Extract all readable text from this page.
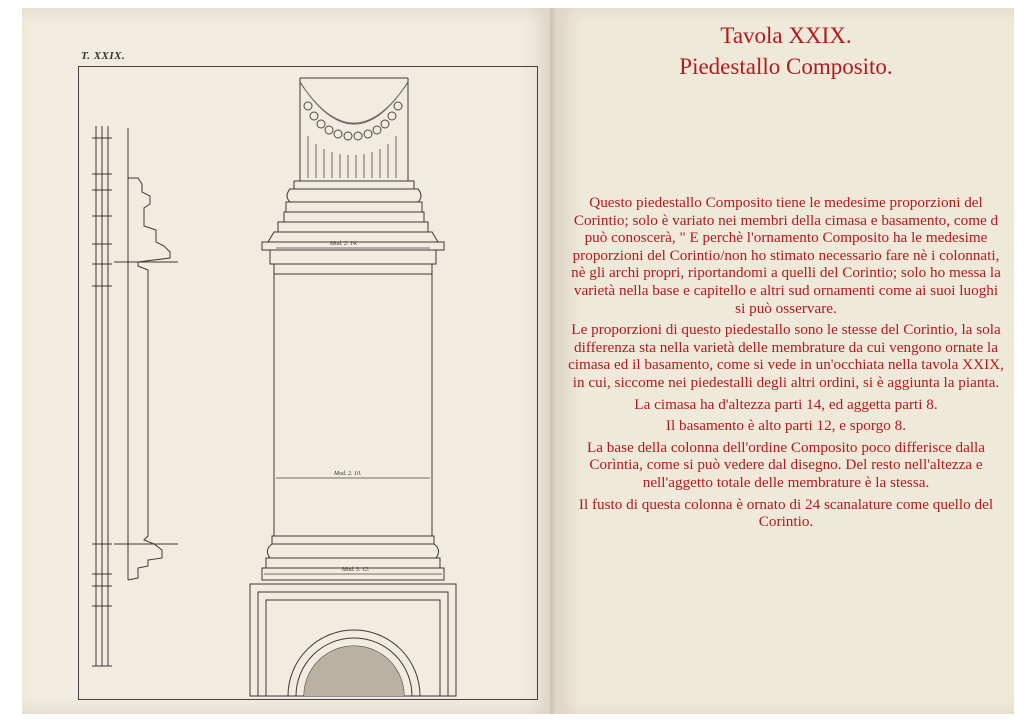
T. XXIX.
Mod. 2. 14.
Mod. 2. 10.
Mod. 3. 12.
Tavola XXIX.
Piedestallo Composito.

Questo piedestallo Composito tiene le medesime proporzioni del Corintio; solo è variato nei membri della cimasa e basamento, come d può conoscerà, " E perchè l'ornamento Composito ha le medesime proporzioni del Corintio/non ho stimato necessario fare nè i colonnati, nè gli archi propri, riportandomi a quelli del Corintio; solo ho messa la varietà nella base e capitello e altri sud ornamenti come ai suoi luoghi si può osservare.

Le proporzioni di questo piedestallo sono le stesse del Corintio, la sola differenza sta nella varietà delle membrature da cui vengono ornate la cimasa ed il basamento, come si vede in un'occhiata nella tavola XXIX, in cui, siccome nei piedestalli degli altri ordini, si è aggiunta la pianta.

La cimasa ha d'altezza parti 14, ed aggetta parti 8.

Il basamento è alto parti 12, e sporgo 8.

La base della colonna dell'ordine Composito poco differisce dalla Corìntia, come si può vedere dal disegno. Del resto nell'altezza e nell'aggetto totale delle membrature è la stessa.

Il fusto di questa colonna è ornato di 24 scanalature come quello del Corintio.
